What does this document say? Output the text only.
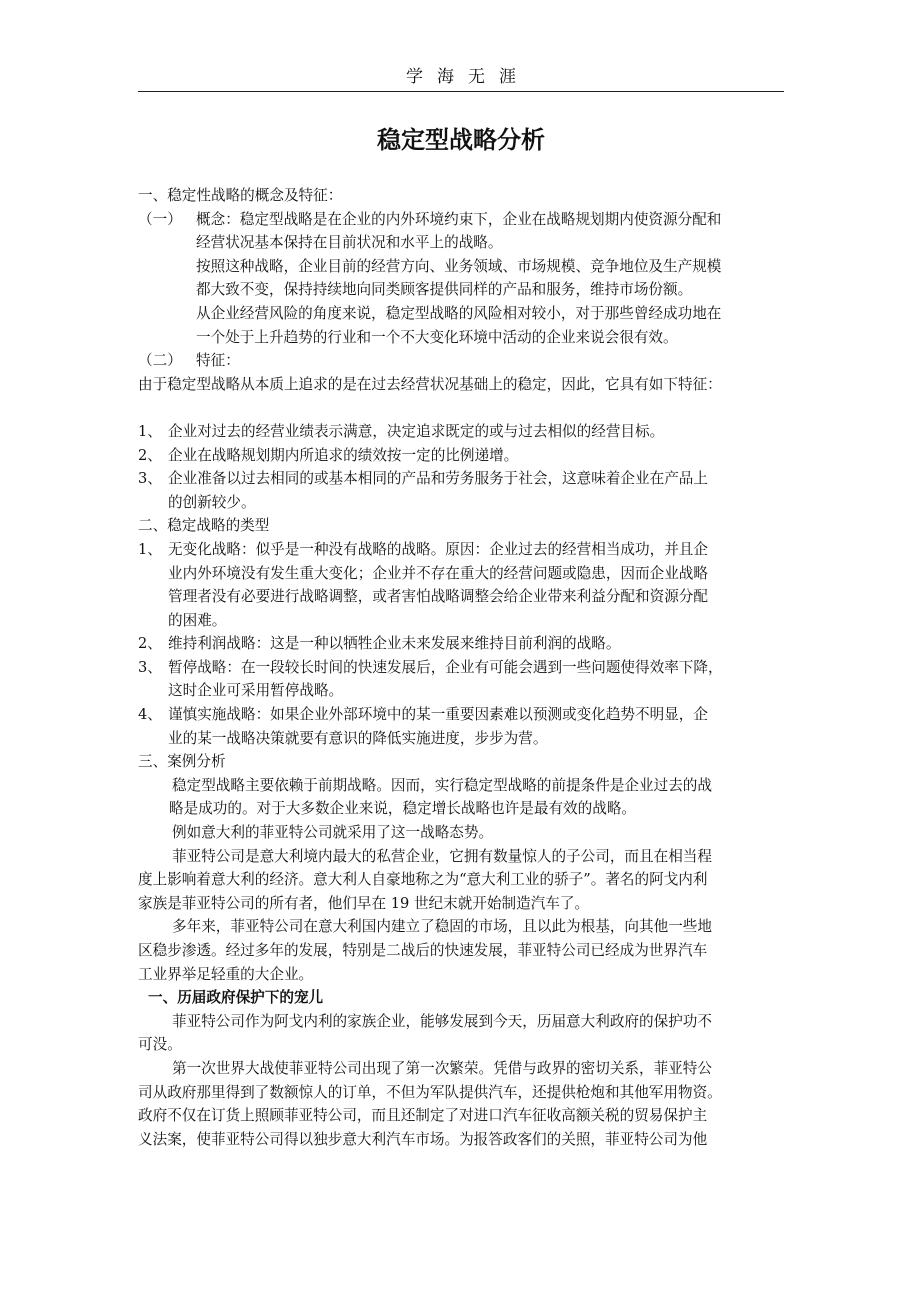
学海无涯
稳定型战略分析
一、稳定性战略的概念及特征：
（一） 概念：稳定型战略是在企业的内外环境约束下，企业在战略规划期内使资源分配和
经营状况基本保持在目前状况和水平上的战略。
按照这种战略，企业目前的经营方向、业务领域、市场规模、竞争地位及生产规模
都大致不变，保持持续地向同类顾客提供同样的产品和服务，维持市场份额。
从企业经营风险的角度来说，稳定型战略的风险相对较小，对于那些曾经成功地在
一个处于上升趋势的行业和一个不大变化环境中活动的企业来说会很有效。
（二） 特征：
由于稳定型战略从本质上追求的是在过去经营状况基础上的稳定，因此，它具有如下特征：
1、 企业对过去的经营业绩表示满意，决定追求既定的或与过去相似的经营目标。
2、 企业在战略规划期内所追求的绩效按一定的比例递增。
3、 企业准备以过去相同的或基本相同的产品和劳务服务于社会，这意味着企业在产品上
的创新较少。
二、稳定战略的类型
1、 无变化战略：似乎是一种没有战略的战略。原因：企业过去的经营相当成功，并且企
业内外环境没有发生重大变化；企业并不存在重大的经营问题或隐患，因而企业战略
管理者没有必要进行战略调整，或者害怕战略调整会给企业带来利益分配和资源分配
的困难。
2、 维持利润战略：这是一种以牺牲企业未来发展来维持目前利润的战略。
3、 暂停战略：在一段较长时间的快速发展后，企业有可能会遇到一些问题使得效率下降，
这时企业可采用暂停战略。
4、 谨慎实施战略：如果企业外部环境中的某一重要因素难以预测或变化趋势不明显，企
业的某一战略决策就要有意识的降低实施进度，步步为营。
三、案例分析
稳定型战略主要依赖于前期战略。因而，实行稳定型战略的前提条件是企业过去的战
略是成功的。对于大多数企业来说，稳定增长战略也许是最有效的战略。
例如意大利的菲亚特公司就采用了这一战略态势。
菲亚特公司是意大利境内最大的私营企业，它拥有数量惊人的子公司，而且在相当程
度上影响着意大利的经济。意大利人自豪地称之为“意大利工业的骄子”。著名的阿戈内利
家族是菲亚特公司的所有者，他们早在 19 世纪末就开始制造汽车了。
多年来，菲亚特公司在意大利国内建立了稳固的市场，且以此为根基，向其他一些地
区稳步渗透。经过多年的发展，特别是二战后的快速发展，菲亚特公司已经成为世界汽车
工业界举足轻重的大企业。
一、历届政府保护下的宠儿
菲亚特公司作为阿戈内利的家族企业，能够发展到今天，历届意大利政府的保护功不
可没。
第一次世界大战使菲亚特公司出现了第一次繁荣。凭借与政界的密切关系，菲亚特公
司从政府那里得到了数额惊人的订单，不但为军队提供汽车，还提供枪炮和其他军用物资。
政府不仅在订货上照顾菲亚特公司，而且还制定了对进口汽车征收高额关税的贸易保护主
义法案，使菲亚特公司得以独步意大利汽车市场。为报答政客们的关照，菲亚特公司为他
